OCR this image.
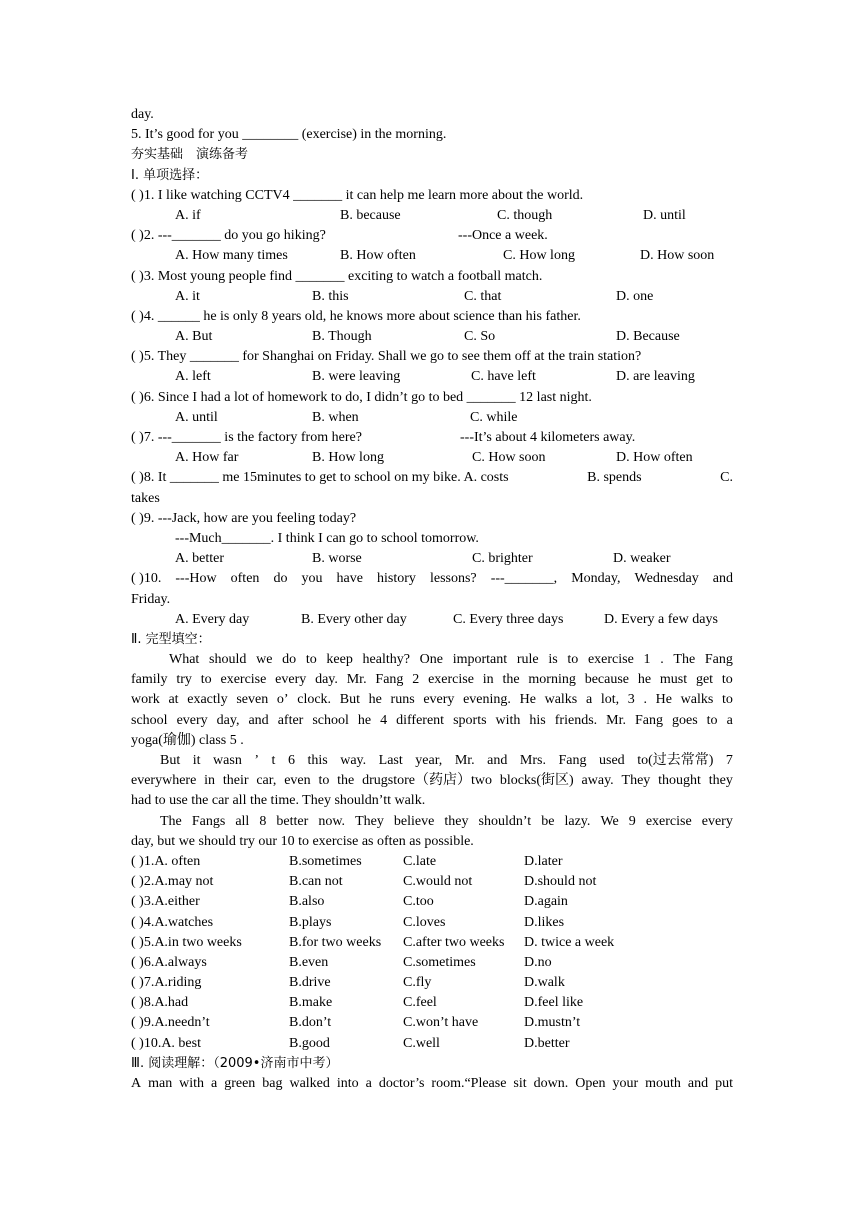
day.
5. It’s good for you ________ (exercise) in the morning.
夯实基础　演练备考
I. 单项选择：
( )1. I like watching CCTV4 _______ it can help me learn more about the world.
A. if	B. because	C. though	D. until
( )2. ---_______ do you go hiking?	---Once a week.
A. How many times	B. How often	C. How long	D. How soon
( )3. Most young people find _______ exciting to watch a football match.
A. it	B. this	C. that	D. one
( )4. ______ he is only 8 years old, he knows more about science than his father.
A. But	B. Though	C. So	D. Because
( )5. They _______ for Shanghai on Friday. Shall we go to see them off at the train station?
A. left	B. were leaving	C. have left	D. are leaving
( )6. Since I had a lot of homework to do, I didn’t go to bed _______ 12 last night.
A. until	B. when	C. while
( )7. ---_______ is the factory from here?	---It’s about 4 kilometers away.
A. How far	B. How long	C. How soon	D. How often
( )8. It _______ me 15minutes to get to school on my bike. A. costs	B. spends	C.
takes
( )9. ---Jack, how are you feeling today?
---Much_______. I think I can go to school tomorrow.
A. better	B. worse	C. brighter	D. weaker
( )10. ---How often do you have history lessons? ---_______, Monday, Wednesday and
Friday.
A. Every day	B. Every other day	C. Every three days	D. Every a few days
Ⅱ. 完型填空：
What should we do to keep healthy? One important rule is to exercise 1 . The Fang
family try to exercise every day. Mr. Fang 2 exercise in the morning because he must get to
work at exactly seven o’ clock. But he runs every evening. He walks a lot, 3 . He walks to
school every day, and after school he 4 different sports with his friends. Mr. Fang goes to a
yoga(瑜伽) class 5 .
But it wasn ’ t 6 this way. Last year, Mr. and Mrs. Fang used to(过去常常) 7
everywhere in their car, even to the drugstore（药店）two blocks(街区) away. They thought they
had to use the car all the time. They shouldn’tt walk.
The Fangs all 8 better now. They believe they shouldn’t be lazy. We 9 exercise every
day, but we should try our 10 to exercise as often as possible.
( )1.A. often	B.sometimes	C.late	D.later
( )2.A.may not	B.can not	C.would not	D.should not
( )3.A.either	B.also	C.too	D.again
( )4.A.watches	B.plays	C.loves	D.likes
( )5.A.in two weeks	B.for two weeks C.after two weeks D. twice a week
( )6.A.always	B.even	C.sometimes	D.no
( )7.A.riding	B.drive	C.fly	D.walk
( )8.A.had	B.make	C.feel	D.feel like
( )9.A.needn’t	B.don’t	C.won’t have	D.mustn’t
( )10.A. best	B.good	C.well	D.better
Ⅲ. 阅读理解：（2009•济南市中考）
A man with a green bag walked into a doctor’s room.“Please sit down. Open your mouth and put
